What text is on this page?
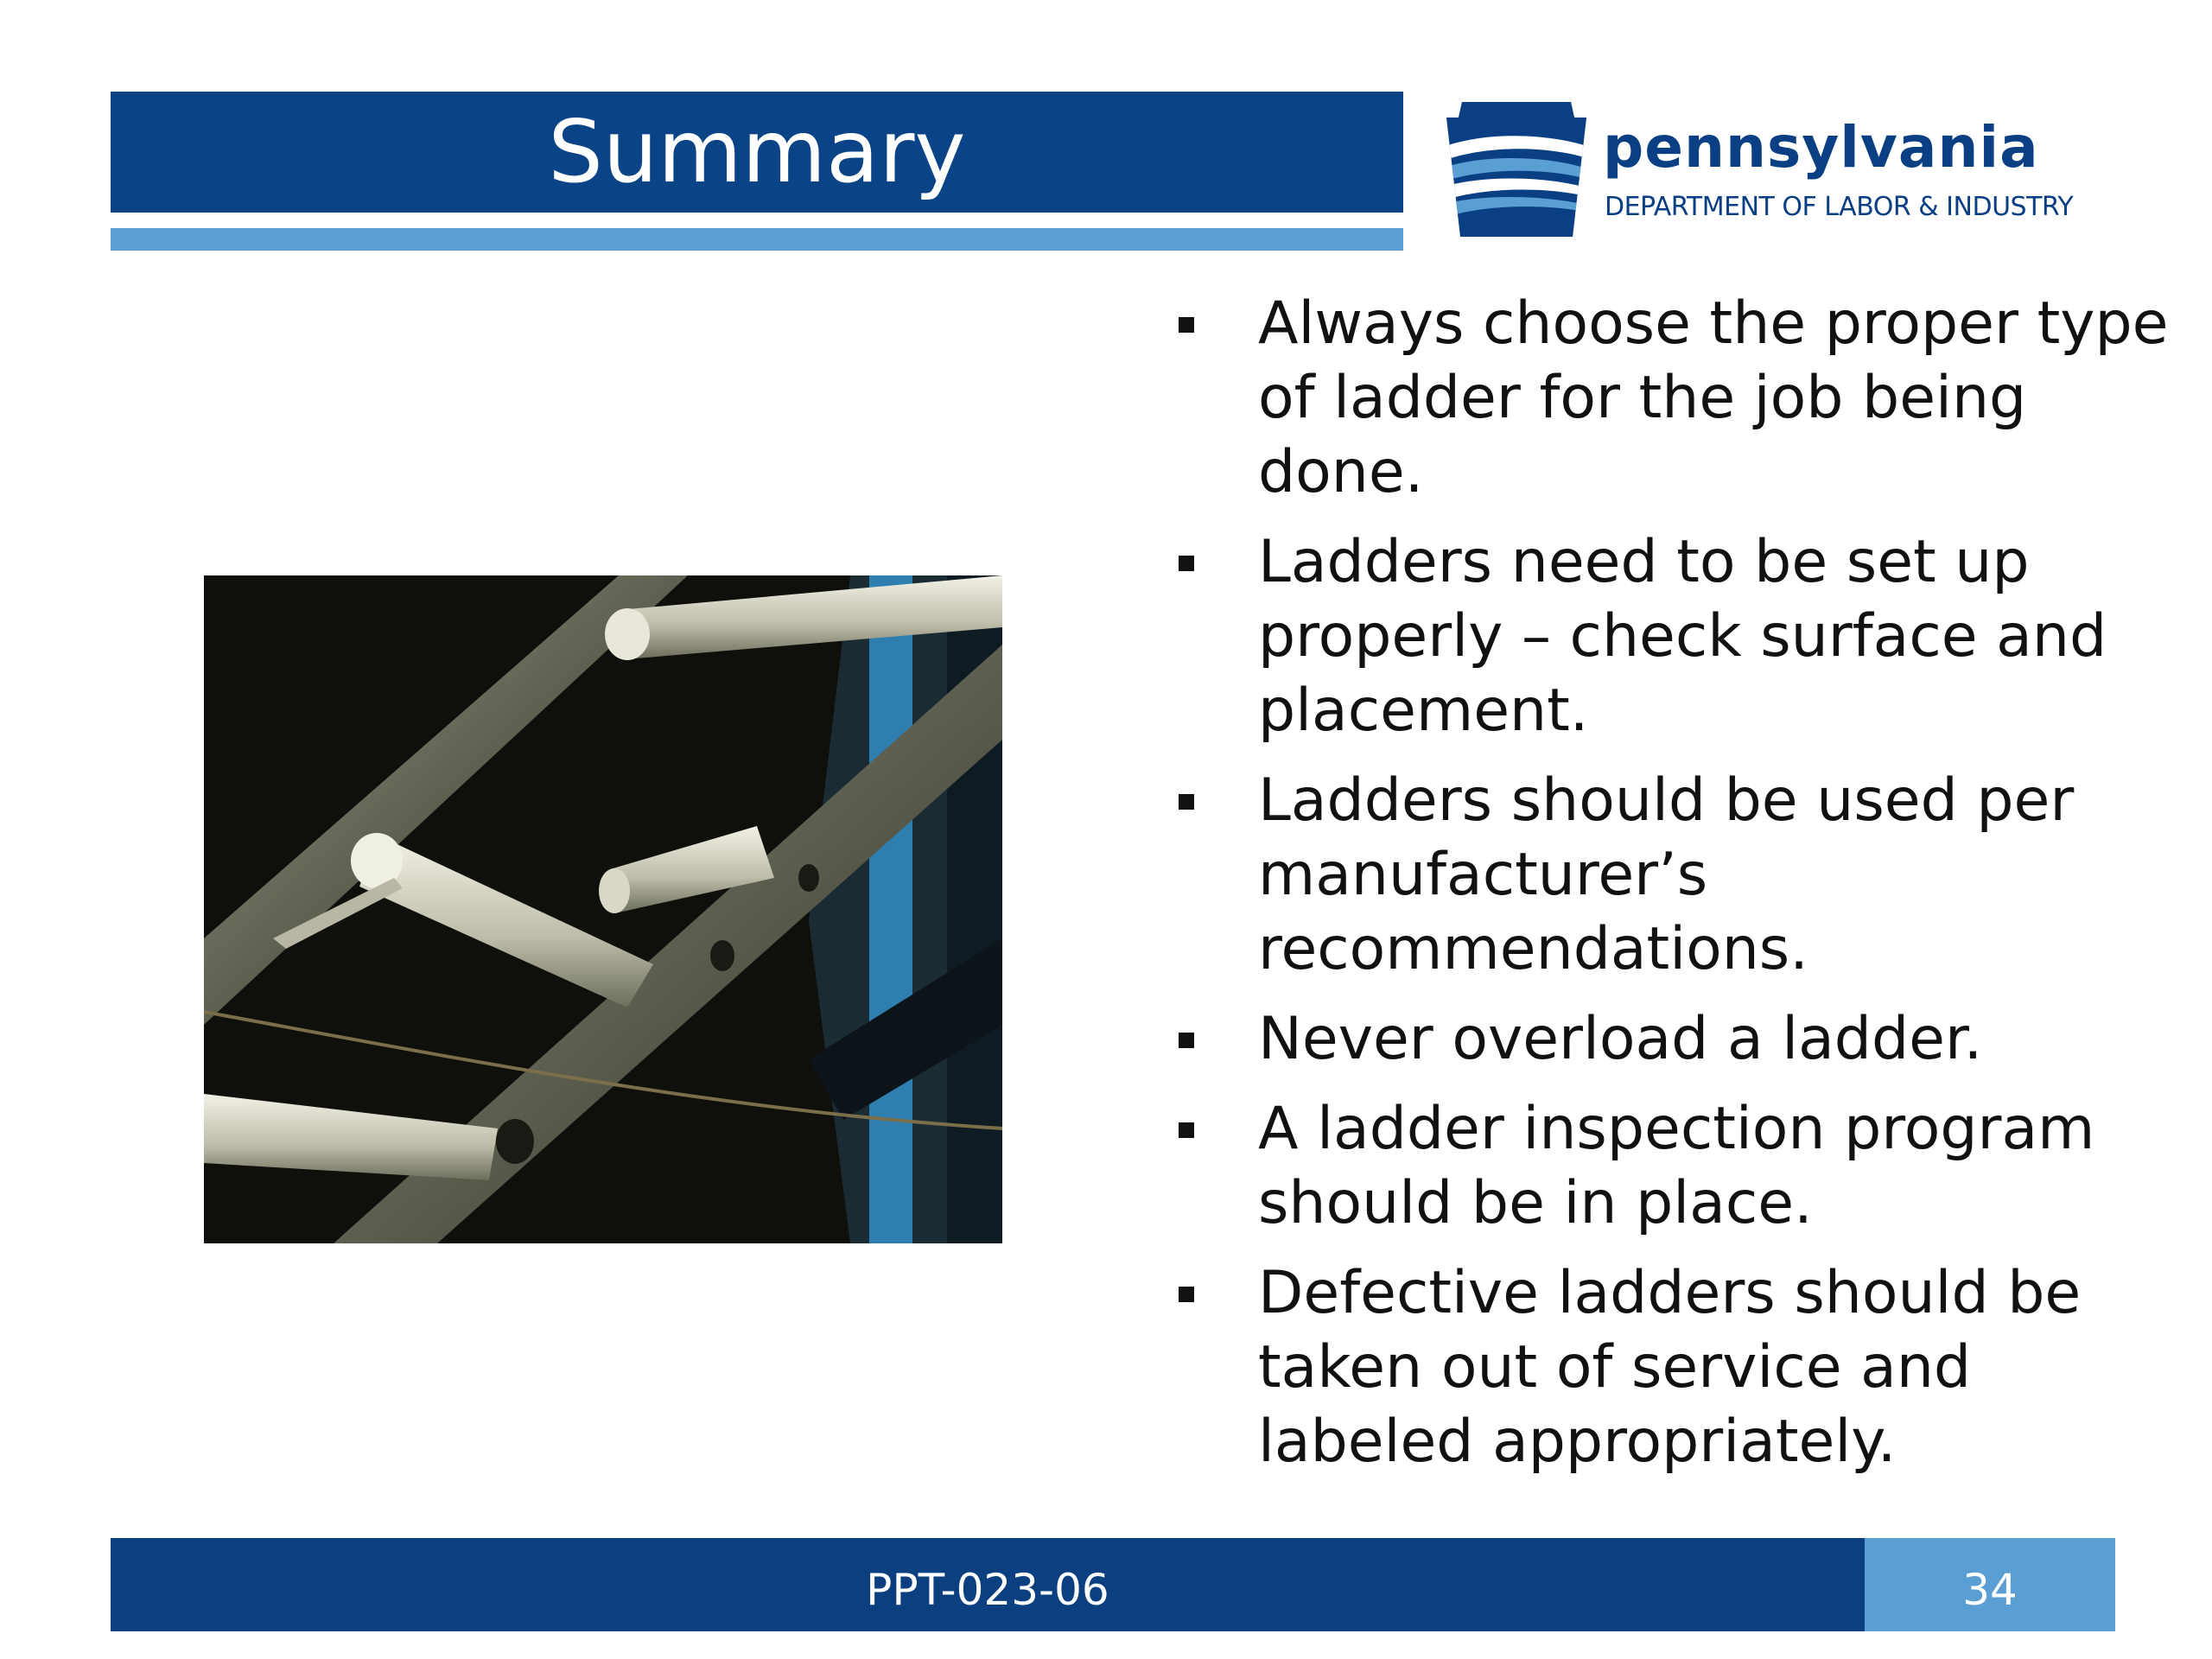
Summary	pennsylvania
DEPARTMENT OF LABOR & INDUSTRY
Always choose the proper type of ladder for the job being done.
Ladders need to be set up properly – check surface and placement.
Ladders should be used per manufacturer’s recommendations.
Never overload a ladder.
A ladder inspection program should be in place.
Defective ladders should be taken out of service and labeled appropriately.
PPT-023-06	34
